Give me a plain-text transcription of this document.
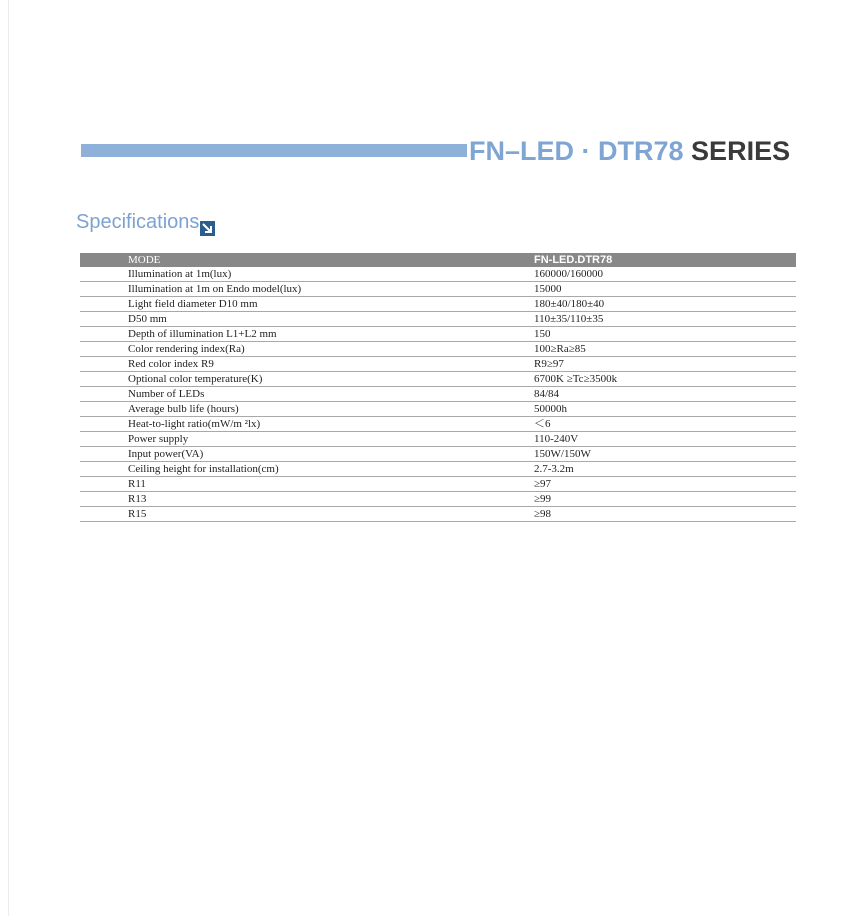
FN–LED · DTR78 SERIES
Specifications
MODE	FN-LED.DTR78
Illumination at 1m(lux)	160000/160000
Illumination at 1m on Endo model(lux)	15000
Light field diameter D10 mm	180±40/180±40
D50 mm	110±35/110±35
Depth of illumination L1+L2 mm	150
Color rendering index(Ra)	100≥Ra≥85
Red color index R9	R9≥97
Optional color temperature(K)	6700K ≥Tc≥3500k
Number of LEDs	84/84
Average bulb life (hours)	50000h
Heat-to-light ratio(mW/m ²lx)	＜6
Power supply	110-240V
Input power(VA)	150W/150W
Ceiling height for installation(cm)	2.7-3.2m
R11	≥97
R13	≥99
R15	≥98
